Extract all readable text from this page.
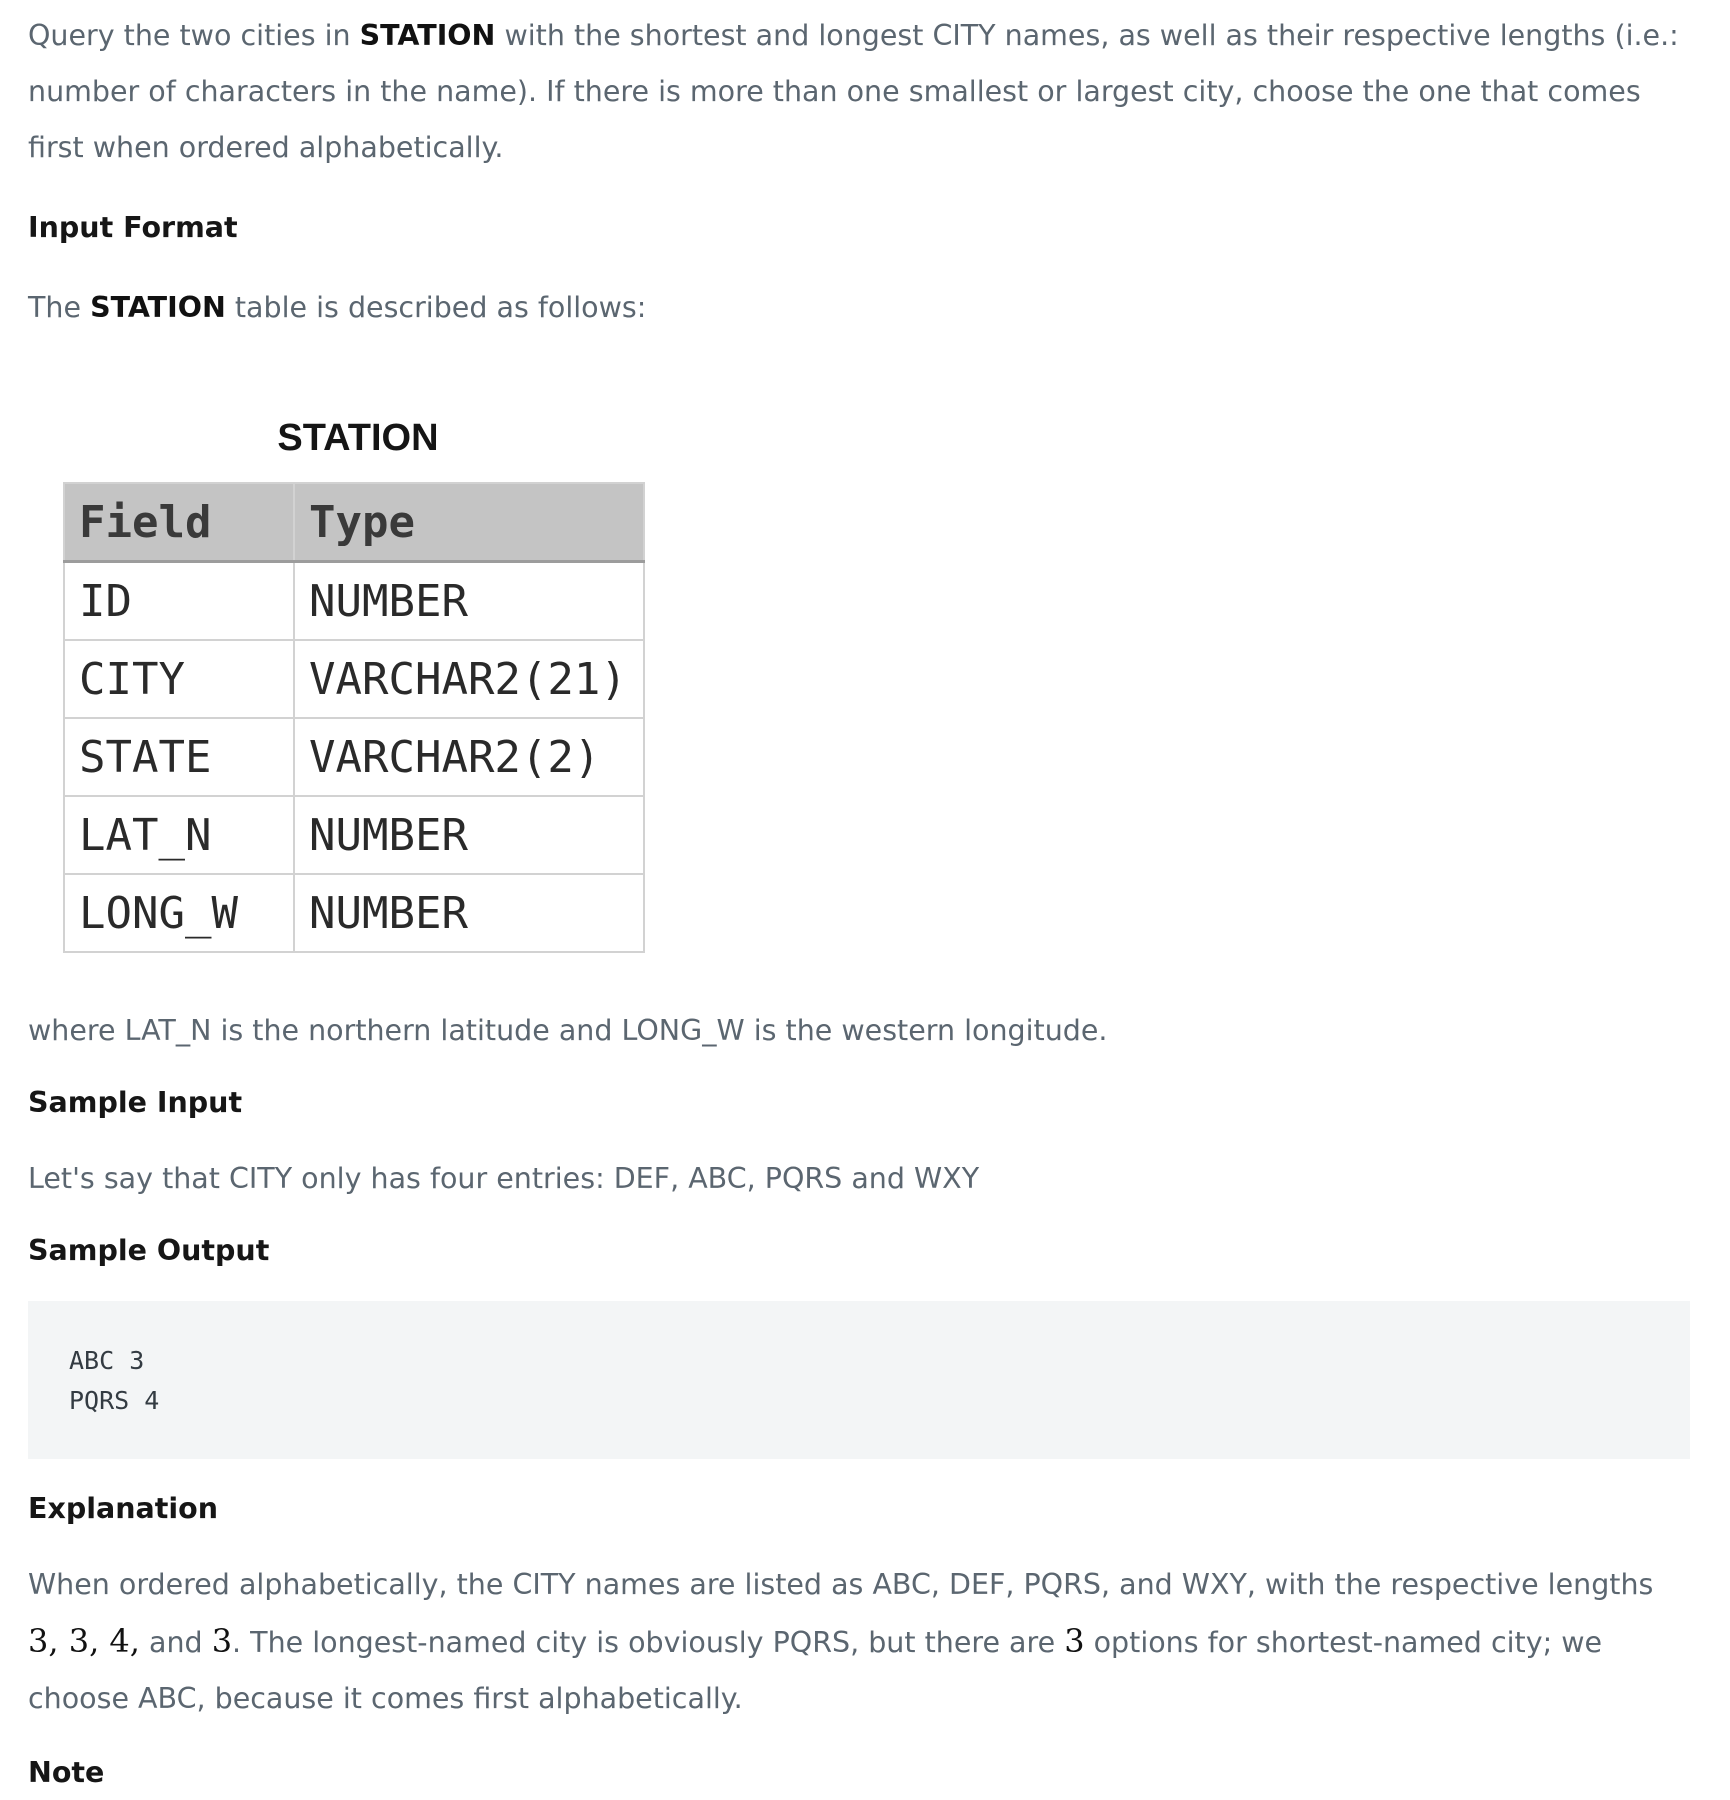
Query the two cities in STATION with the shortest and longest CITY names, as well as their respective lengths (i.e.: number of characters in the name). If there is more than one smallest or largest city, choose the one that comes first when ordered alphabetically.

Input Format

The STATION table is described as follows:

STATION
Field	Type
ID	NUMBER
CITY	VARCHAR2(21)
STATE	VARCHAR2(2)
LAT_N	NUMBER
LONG_W	NUMBER

where LAT_N is the northern latitude and LONG_W is the western longitude.

Sample Input

Let's say that CITY only has four entries: DEF, ABC, PQRS and WXY

Sample Output
ABC 3
PQRS 4
Explanation

When ordered alphabetically, the CITY names are listed as ABC, DEF, PQRS, and WXY, with the respective lengths 3, 3, 4, and 3. The longest-named city is obviously PQRS, but there are 3 options for shortest-named city; we choose ABC, because it comes first alphabetically.

Note
